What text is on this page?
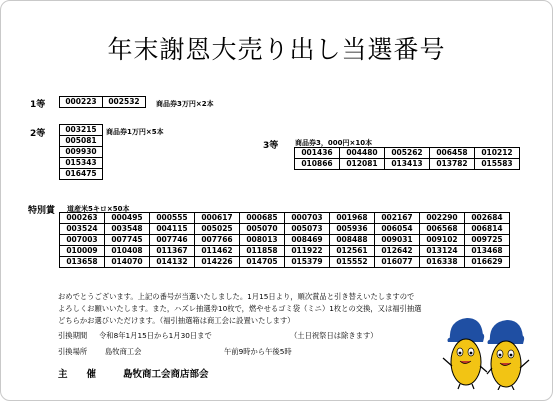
年末謝恩大売り出し当選番号
1等	000223	002532 商品券3万円×2本
2等	003215
005081
009930
015343
016475
商品券1万円×5本
3等 商品券3，000円×10本
001436	004480	005262	006458	010212
010866	012081	013413	013782	015583
特別賞 道産米5キロ×50本
000263	000495	000555	000617	000685	000703	001968	002167	002290	002684
003524	003548	004115	005025	005070	005073	005936	006054	006568	006814
007003	007745	007746	007766	008013	008469	008488	009031	009102	009725
010009	010408	011367	011462	011858	011922	012561	012642	013124	013468
013658	014070	014132	014226	014705	015379	015552	016077	016338	016629
おめでとうございます。上記の番号が当選いたしました。1月15日より，順次賞品と引き替えいたしますので
よろしくお願いいたします。また，ハズレ抽選券10枚で，燃やせるゴミ袋（ミニ）1枚との交換，又は福引抽選
どちらかお選びいただけます。（福引抽選箱は商工会に設置いたします）
引換期間 令和8年1月15日から1月30日まで	（土日祝祭日は除きます）
引換場所 島牧商工会	午前9時から午後5時
主　　催	島牧商工会商店部会
